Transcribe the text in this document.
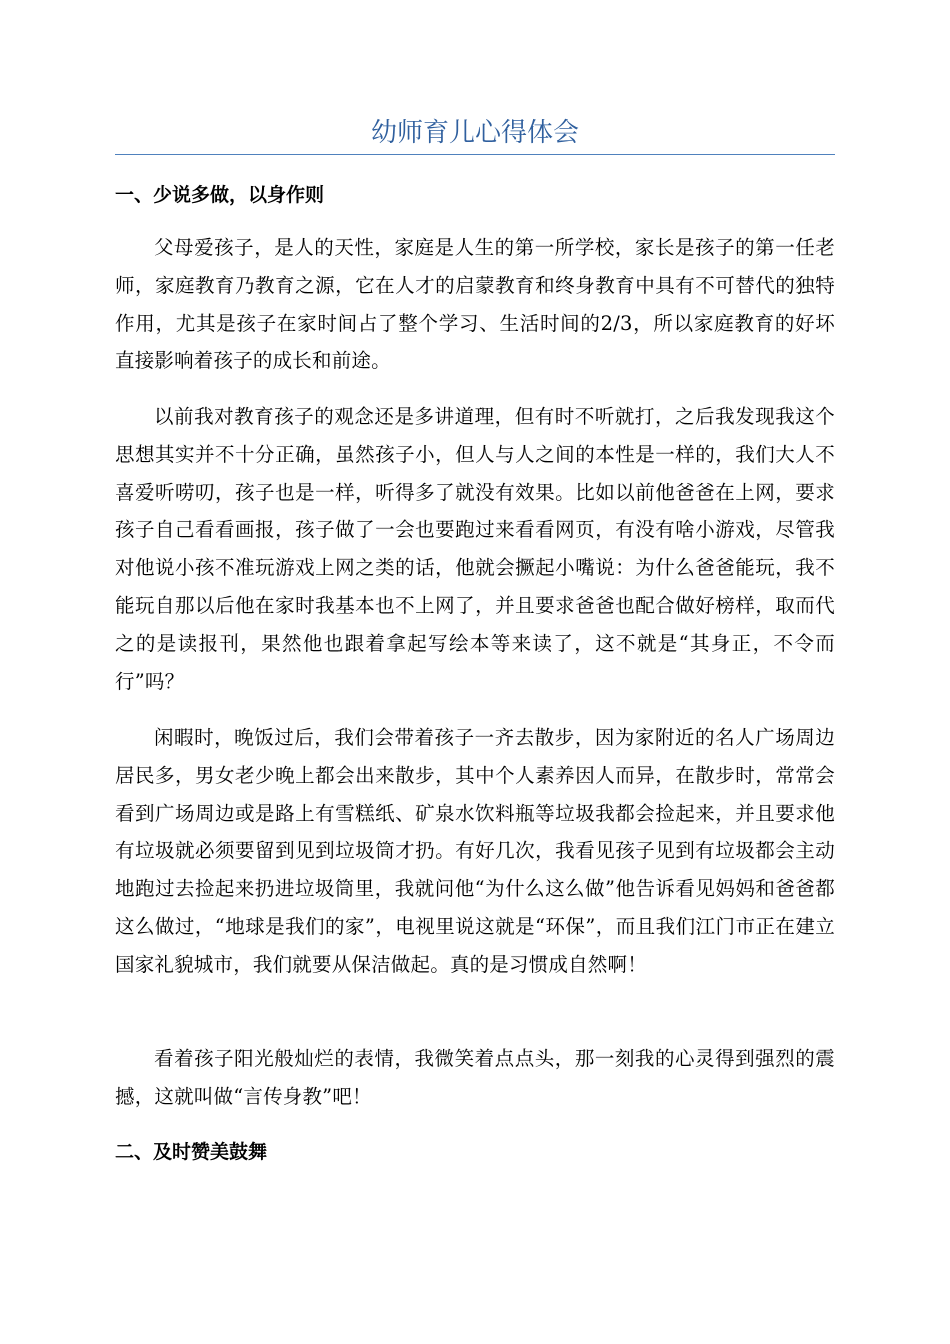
幼师育儿心得体会
一、少说多做，以身作则

父母爱孩子，是人的天性，家庭是人生的第一所学校，家长是孩子的第一任老师，家庭教育乃教育之源，它在人才的启蒙教育和终身教育中具有不可替代的独特作用，尤其是孩子在家时间占了整个学习、生活时间的2/3，所以家庭教育的好坏直接影响着孩子的成长和前途。

以前我对教育孩子的观念还是多讲道理，但有时不听就打，之后我发现我这个思想其实并不十分正确，虽然孩子小，但人与人之间的本性是一样的，我们大人不喜爱听唠叨，孩子也是一样，听得多了就没有效果。比如以前他爸爸在上网，要求孩子自己看看画报，孩子做了一会也要跑过来看看网页，有没有啥小游戏，尽管我对他说小孩不准玩游戏上网之类的话，他就会撅起小嘴说：为什么爸爸能玩，我不能玩自那以后他在家时我基本也不上网了，并且要求爸爸也配合做好榜样，取而代之的是读报刊，果然他也跟着拿起写绘本等来读了，这不就是“其身正，不令而行”吗？

闲暇时，晚饭过后，我们会带着孩子一齐去散步，因为家附近的名人广场周边居民多，男女老少晚上都会出来散步，其中个人素养因人而异，在散步时，常常会看到广场周边或是路上有雪糕纸、矿泉水饮料瓶等垃圾我都会捡起来，并且要求他有垃圾就必须要留到见到垃圾筒才扔。有好几次，我看见孩子见到有垃圾都会主动地跑过去捡起来扔进垃圾筒里，我就问他“为什么这么做”他告诉看见妈妈和爸爸都这么做过，“地球是我们的家”，电视里说这就是“环保”，而且我们江门市正在建立国家礼貌城市，我们就要从保洁做起。真的是习惯成自然啊！

看着孩子阳光般灿烂的表情，我微笑着点点头，那一刻我的心灵得到强烈的震撼，这就叫做“言传身教”吧！

二、及时赞美鼓舞
